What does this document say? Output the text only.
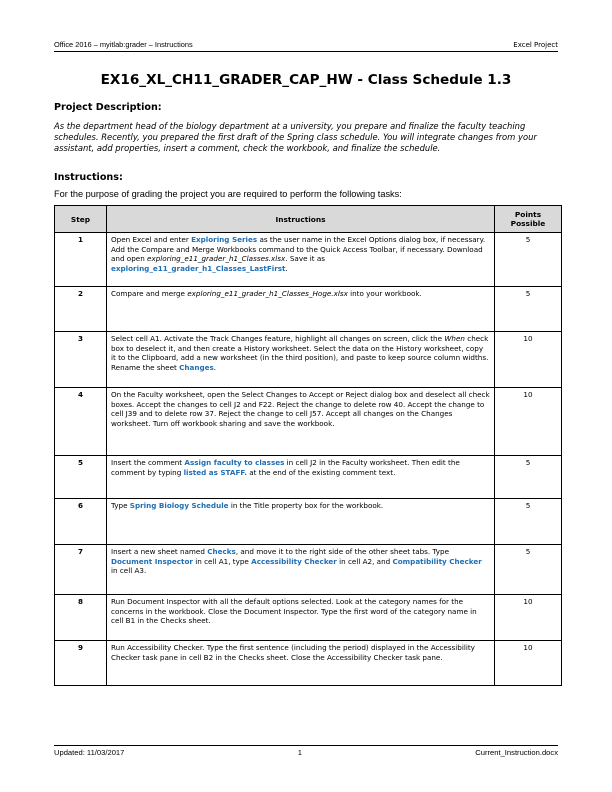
Office 2016 – myitlab:grader – Instructions	Excel Project
EX16_XL_CH11_GRADER_CAP_HW - Class Schedule 1.3
Project Description:
As the department head of the biology department at a university, you prepare and finalize the faculty teaching schedules. Recently, you prepared the first draft of the Spring class schedule. You will integrate changes from your assistant, add properties, insert a comment, check the workbook, and finalize the schedule.
Instructions:
For the purpose of grading the project you are required to perform the following tasks:
Step	Instructions	Points Possible
1	Open Excel and enter Exploring Series as the user name in the Excel Options dialog box, if necessary. Add the Compare and Merge Workbooks command to the Quick Access Toolbar, if necessary. Download and open exploring_e11_grader_h1_Classes.xlsx. Save it as exploring_e11_grader_h1_Classes_LastFirst.	5
2	Compare and merge exploring_e11_grader_h1_Classes_Hoge.xlsx into your workbook.	5
3	Select cell A1. Activate the Track Changes feature, highlight all changes on screen, click the When check box to deselect it, and then create a History worksheet. Select the data on the History worksheet, copy it to the Clipboard, add a new worksheet (in the third position), and paste to keep source column widths. Rename the sheet Changes.	10
4	On the Faculty worksheet, open the Select Changes to Accept or Reject dialog box and deselect all check boxes. Accept the changes to cell J2 and F22. Reject the change to delete row 40. Accept the change to cell J39 and to delete row 37. Reject the change to cell J57. Accept all changes on the Changes worksheet. Turn off workbook sharing and save the workbook.	10
5	Insert the comment Assign faculty to classes in cell J2 in the Faculty worksheet. Then edit the comment by typing listed as STAFF. at the end of the existing comment text.	5
6	Type Spring Biology Schedule in the Title property box for the workbook.	5
7	Insert a new sheet named Checks, and move it to the right side of the other sheet tabs. Type Document Inspector in cell A1, type Accessibility Checker in cell A2, and Compatibility Checker in cell A3.	5
8	Run Document Inspector with all the default options selected. Look at the category names for the concerns in the workbook. Close the Document Inspector. Type the first word of the category name in cell B1 in the Checks sheet.	10
9	Run Accessibility Checker. Type the first sentence (including the period) displayed in the Accessibility Checker task pane in cell B2 in the Checks sheet. Close the Accessibility Checker task pane.	10
Updated: 11/03/2017	1	Current_Instruction.docx
